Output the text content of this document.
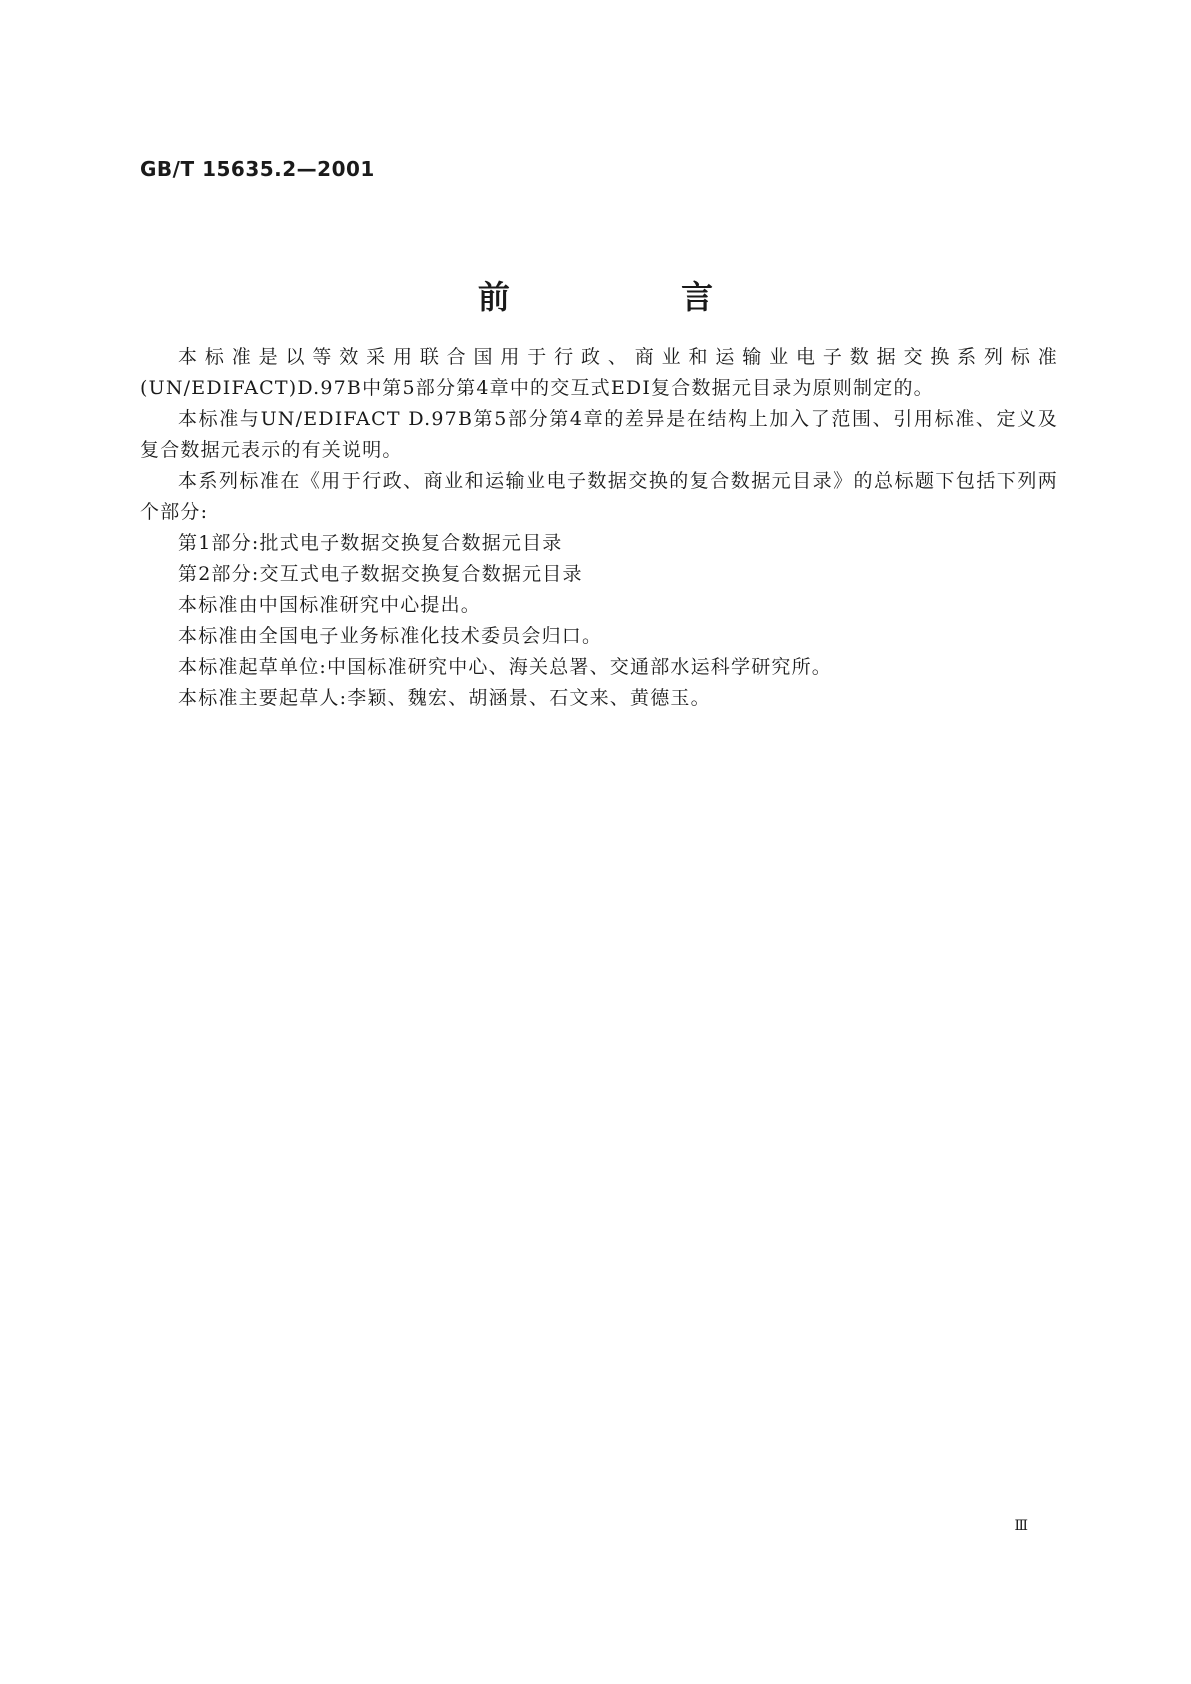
GB/T 15635.2—2001
前 言

本标准是以等效采用联合国用于行政、商业和运输业电子数据交换系列标准(UN/EDIFACT)D.97B中第5部分第4章中的交互式EDI复合数据元目录为原则制定的。

本标准与UN/EDIFACT D.97B第5部分第4章的差异是在结构上加入了范围、引用标准、定义及复合数据元表示的有关说明。

本系列标准在《用于行政、商业和运输业电子数据交换的复合数据元目录》的总标题下包括下列两个部分:

第1部分:批式电子数据交换复合数据元目录

第2部分:交互式电子数据交换复合数据元目录

本标准由中国标准研究中心提出。

本标准由全国电子业务标准化技术委员会归口。

本标准起草单位:中国标准研究中心、海关总署、交通部水运科学研究所。

本标准主要起草人:李颖、魏宏、胡涵景、石文来、黄德玉。

Ⅲ
